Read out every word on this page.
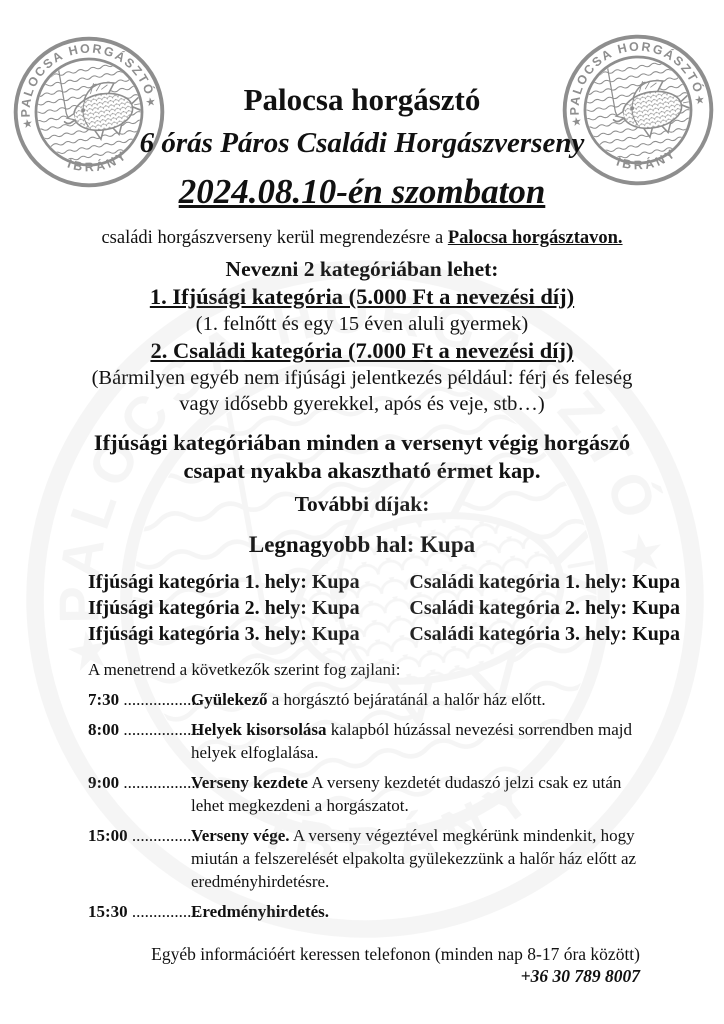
Palocsa horgásztó
6 órás Páros Családi Horgászverseny
2024.08.10-én szombaton
családi horgászverseny kerül megrendezésre a Palocsa horgásztavon.
Nevezni 2 kategóriában lehet:
1. Ifjúsági kategória (5.000 Ft a nevezési díj)
(1. felnőtt és egy 15 éven aluli gyermek)
2. Családi kategória (7.000 Ft a nevezési díj)
(Bármilyen egyéb nem ifjúsági jelentkezés például: férj és feleség
vagy idősebb gyerekkel, após és veje, stb…)
Ifjúsági kategóriában minden a versenyt végig horgászó
csapat nyakba akasztható érmet kap.
További díjak:
Legnagyobb hal: Kupa
Ifjúsági kategória 1. hely: Kupa
Ifjúsági kategória 2. hely: Kupa
Ifjúsági kategória 3. hely: Kupa
Családi kategória 1. hely: Kupa
Családi kategória 2. hely: Kupa
Családi kategória 3. hely: Kupa
A menetrend a következők szerint fog zajlani:
7:30 ..................
Gyülekező a horgásztó bejáratánál a halőr ház előtt.
8:00 ..................
Helyek kisorsolása kalapból húzással nevezési sorrendben majd helyek elfoglalása.
9:00 ..................
Verseny kezdete A verseny kezdetét dudaszó jelzi csak ez után lehet megkezdeni a horgászatot.
15:00 ................
Verseny vége. A verseny végeztével megkérünk mindenkit, hogy miután a felszerelését elpakolta gyülekezzünk a halőr ház előtt az eredményhirdetésre.
15:30 ................
Eredményhirdetés.
Egyéb információért keressen telefonon (minden nap 8-17 óra között)
+36 30 789 8007
